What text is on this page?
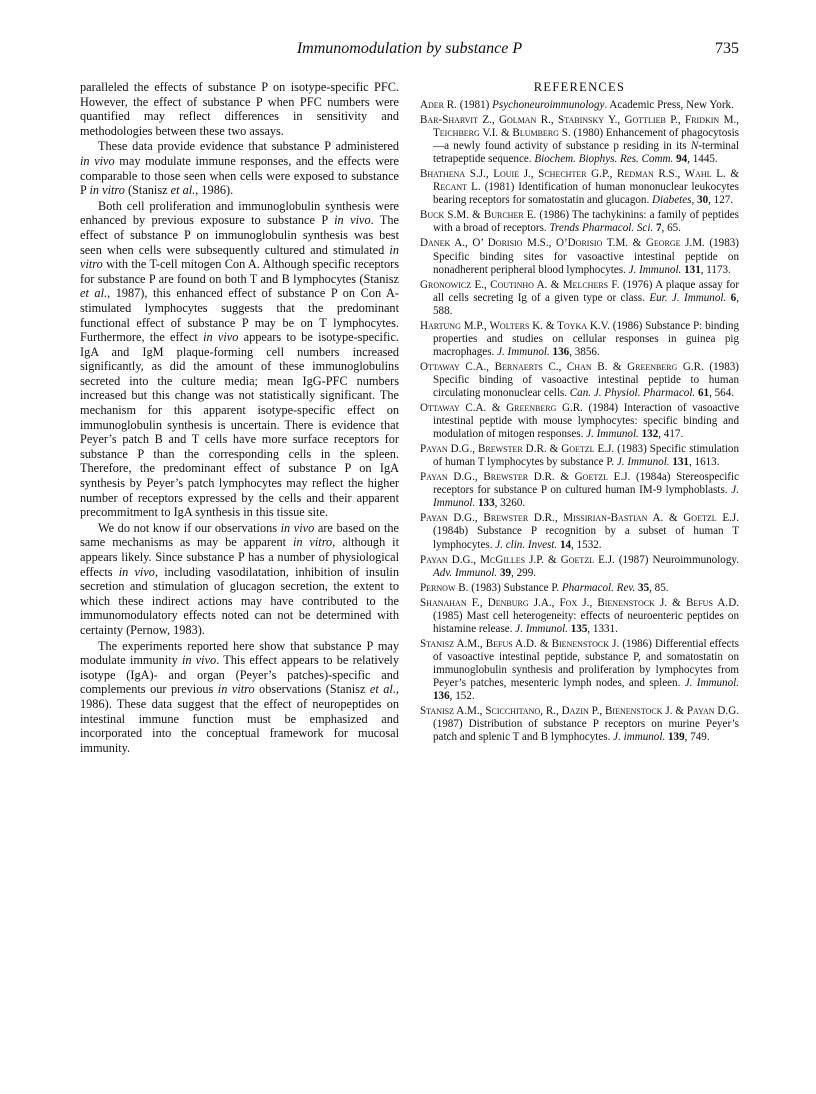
Immunomodulation by substance P	735

paralleled the effects of substance P on isotype-specific PFC. However, the effect of substance P when PFC numbers were quantified may reflect differences in sensitivity and methodologies between these two assays.

These data provide evidence that substance P administered in vivo may modulate immune responses, and the effects were comparable to those seen when cells were exposed to substance P in vitro (Stanisz et al., 1986).

Both cell proliferation and immunoglobulin synthesis were enhanced by previous exposure to substance P in vivo. The effect of substance P on immunoglobulin synthesis was best seen when cells were subsequently cultured and stimulated in vitro with the T-cell mitogen Con A. Although specific receptors for substance P are found on both T and B lymphocytes (Stanisz et al., 1987), this enhanced effect of substance P on Con A-stimulated lymphocytes suggests that the predominant functional effect of substance P may be on T lymphocytes. Furthermore, the effect in vivo appears to be isotype-specific. IgA and IgM plaque-forming cell numbers increased significantly, as did the amount of these immunoglobulins secreted into the culture media; mean IgG-PFC numbers increased but this change was not statistically significant. The mechanism for this apparent isotype-specific effect on immunoglobulin synthesis is uncertain. There is evidence that Peyer’s patch B and T cells have more surface receptors for substance P than the corresponding cells in the spleen. Therefore, the predominant effect of substance P on IgA synthesis by Peyer’s patch lymphocytes may reflect the higher number of receptors expressed by the cells and their apparent precommitment to IgA synthesis in this tissue site.

We do not know if our observations in vivo are based on the same mechanisms as may be apparent in vitro, although it appears likely. Since substance P has a number of physiological effects in vivo, including vasodilatation, inhibition of insulin secretion and stimulation of glucagon secretion, the extent to which these indirect actions may have contributed to the immunomodulatory effects noted can not be determined with certainty (Pernow, 1983).

The experiments reported here show that substance P may modulate immunity in vivo. This effect appears to be relatively isotype (IgA)- and organ (Peyer’s patches)-specific and complements our previous in vitro observations (Stanisz et al., 1986). These data suggest that the effect of neuropeptides on intestinal immune function must be emphasized and incorporated into the conceptual framework for mucosal immunity.

REFERENCES

Ader R. (1981) Psychoneuroimmunology. Academic Press, New York.

Bar-Sharvit Z., Golman R., Stabinsky Y., Gottlieb P., Fridkin M., Teichberg V.I. & Blumberg S. (1980) Enhancement of phagocytosis—a newly found activity of substance p residing in its N-terminal tetrapeptide sequence. Biochem. Biophys. Res. Comm. 94, 1445.

Bhathena S.J., Louie J., Schechter G.P., Redman R.S., Wahl L. & Recant L. (1981) Identification of human mononuclear leukocytes bearing receptors for somatostatin and glucagon. Diabetes, 30, 127.

Buck S.M. & Burcher E. (1986) The tachykinins: a family of peptides with a broad of receptors. Trends Pharmacol. Sci. 7, 65.

Danek A., O’ Dorisio M.S., O’Dorisio T.M. & George J.M. (1983) Specific binding sites for vasoactive intestinal peptide on nonadherent peripheral blood lymphocytes. J. Immunol. 131, 1173.

Gronowicz E., Coutinho A. & Melchers F. (1976) A plaque assay for all cells secreting Ig of a given type or class. Eur. J. Immunol. 6, 588.

Hartung M.P., Wolters K. & Toyka K.V. (1986) Substance P: binding properties and studies on cellular responses in guinea pig macrophages. J. Immunol. 136, 3856.

Ottaway C.A., Bernaerts C., Chan B. & Greenberg G.R. (1983) Specific binding of vasoactive intestinal peptide to human circulating mononuclear cells. Can. J. Physiol. Pharmacol. 61, 564.

Ottaway C.A. & Greenberg G.R. (1984) Interaction of vasoactive intestinal peptide with mouse lymphocytes: specific binding and modulation of mitogen responses. J. Immunol. 132, 417.

Payan D.G., Brewster D.R. & Goetzl E.J. (1983) Specific stimulation of human T lymphocytes by substance P. J. Immunol. 131, 1613.

Payan D.G., Brewster D.R. & Goetzl E.J. (1984a) Stereospecific receptors for substance P on cultured human IM-9 lymphoblasts. J. Immunol. 133, 3260.

Payan D.G., Brewster D.R., Missirian-Bastian A. & Goetzl E.J. (1984b) Substance P recognition by a subset of human T lymphocytes. J. clin. Invest. 14, 1532.

Payan D.G., McGilles J.P. & Goetzl E.J. (1987) Neuroimmunology. Adv. Immunol. 39, 299.

Pernow B. (1983) Substance P. Pharmacol. Rev. 35, 85.

Shanahan F., Denburg J.A., Fox J., Bienenstock J. & Befus A.D. (1985) Mast cell heterogeneity: effects of neuroenteric peptides on histamine release. J. Immunol. 135, 1331.

Stanisz A.M., Befus A.D. & Bienenstock J. (1986) Differential effects of vasoactive intestinal peptide, substance P, and somatostatin on immunoglobulin synthesis and proliferation by lymphocytes from Peyer’s patches, mesenteric lymph nodes, and spleen. J. Immunol. 136, 152.

Stanisz A.M., Scicchitano, R., Dazin P., Bienenstock J. & Payan D.G. (1987) Distribution of substance P receptors on murine Peyer’s patch and splenic T and B lymphocytes. J. immunol. 139, 749.
